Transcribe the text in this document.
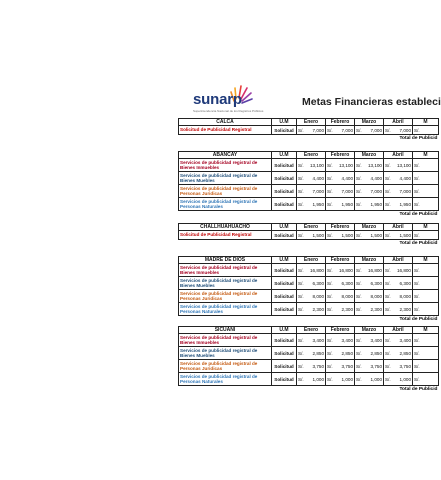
sunarp
Superintendencia Nacional de los Registros Públicos
Metas Financieras estableci
CALCA	U.M	Enero	Febrero	Marzo	Abril	M
Solicitud de Publicidad Registral	Solicitud	S/. 7,000	S/. 7,000	S/. 7,000	S/. 7,000	S/.

				Total de Publicid		
ABANCAY	U.M	Enero	Febrero	Marzo	Abril	M
Servicios de publicidad registral de Bienes Inmuebles	Solicitud	S/. 13,100	S/. 13,100	S/. 13,100	S/. 13,100	S/.

Servicios de publicidad registral de Bienes Muebles	Solicitud	S/. 4,400	S/. 4,400	S/. 4,400	S/. 4,400	S/.

Servicios de publicidad registral de Personas Juridicas	Solicitud	S/. 7,000	S/. 7,000	S/. 7,000	S/. 7,000	S/.

Servicios de publicidad registral de Personas Naturales	Solicitud	S/. 1,950	S/. 1,950	S/. 1,950	S/. 1,950	S/.

				Total de Publicid		
CHALLHUAHUACHO	U.M	Enero	Febrero	Marzo	Abril	M
Solicitud de Publicidad Registral	Solicitud	S/. 1,500	S/. 1,500	S/. 1,500	S/. 1,500	S/.

				Total de Publicid		
MADRE DE DIOS	U.M	Enero	Febrero	Marzo	Abril	M
Servicios de publicidad registral de Bienes Inmuebles	Solicitud	S/. 16,800	S/. 16,800	S/. 16,800	S/. 16,800	S/.

Servicios de publicidad registral de Bienes Muebles	Solicitud	S/. 6,300	S/. 6,300	S/. 6,300	S/. 6,300	S/.

Servicios de publicidad registral de Personas Juridicas	Solicitud	S/. 8,000	S/. 8,000	S/. 8,000	S/. 8,000	S/.

Servicios de publicidad registral de Personas Naturales	Solicitud	S/. 2,300	S/. 2,300	S/. 2,300	S/. 2,300	S/.

				Total de Publicid		
SICUANI	U.M	Enero	Febrero	Marzo	Abril	M
Servicios de publicidad registral de Bienes Inmuebles	Solicitud	S/. 3,400	S/. 3,400	S/. 3,400	S/. 3,400	S/.

Servicios de publicidad registral de Bienes Muebles	Solicitud	S/. 2,850	S/. 2,850	S/. 2,850	S/. 2,850	S/.

Servicios de publicidad registral de Personas Juridicas	Solicitud	S/. 3,750	S/. 3,750	S/. 3,750	S/. 3,750	S/.

Servicios de publicidad registral de Personas Naturales	Solicitud	S/. 1,000	S/. 1,000	S/. 1,000	S/. 1,000	S/.

				Total de Publicid		
